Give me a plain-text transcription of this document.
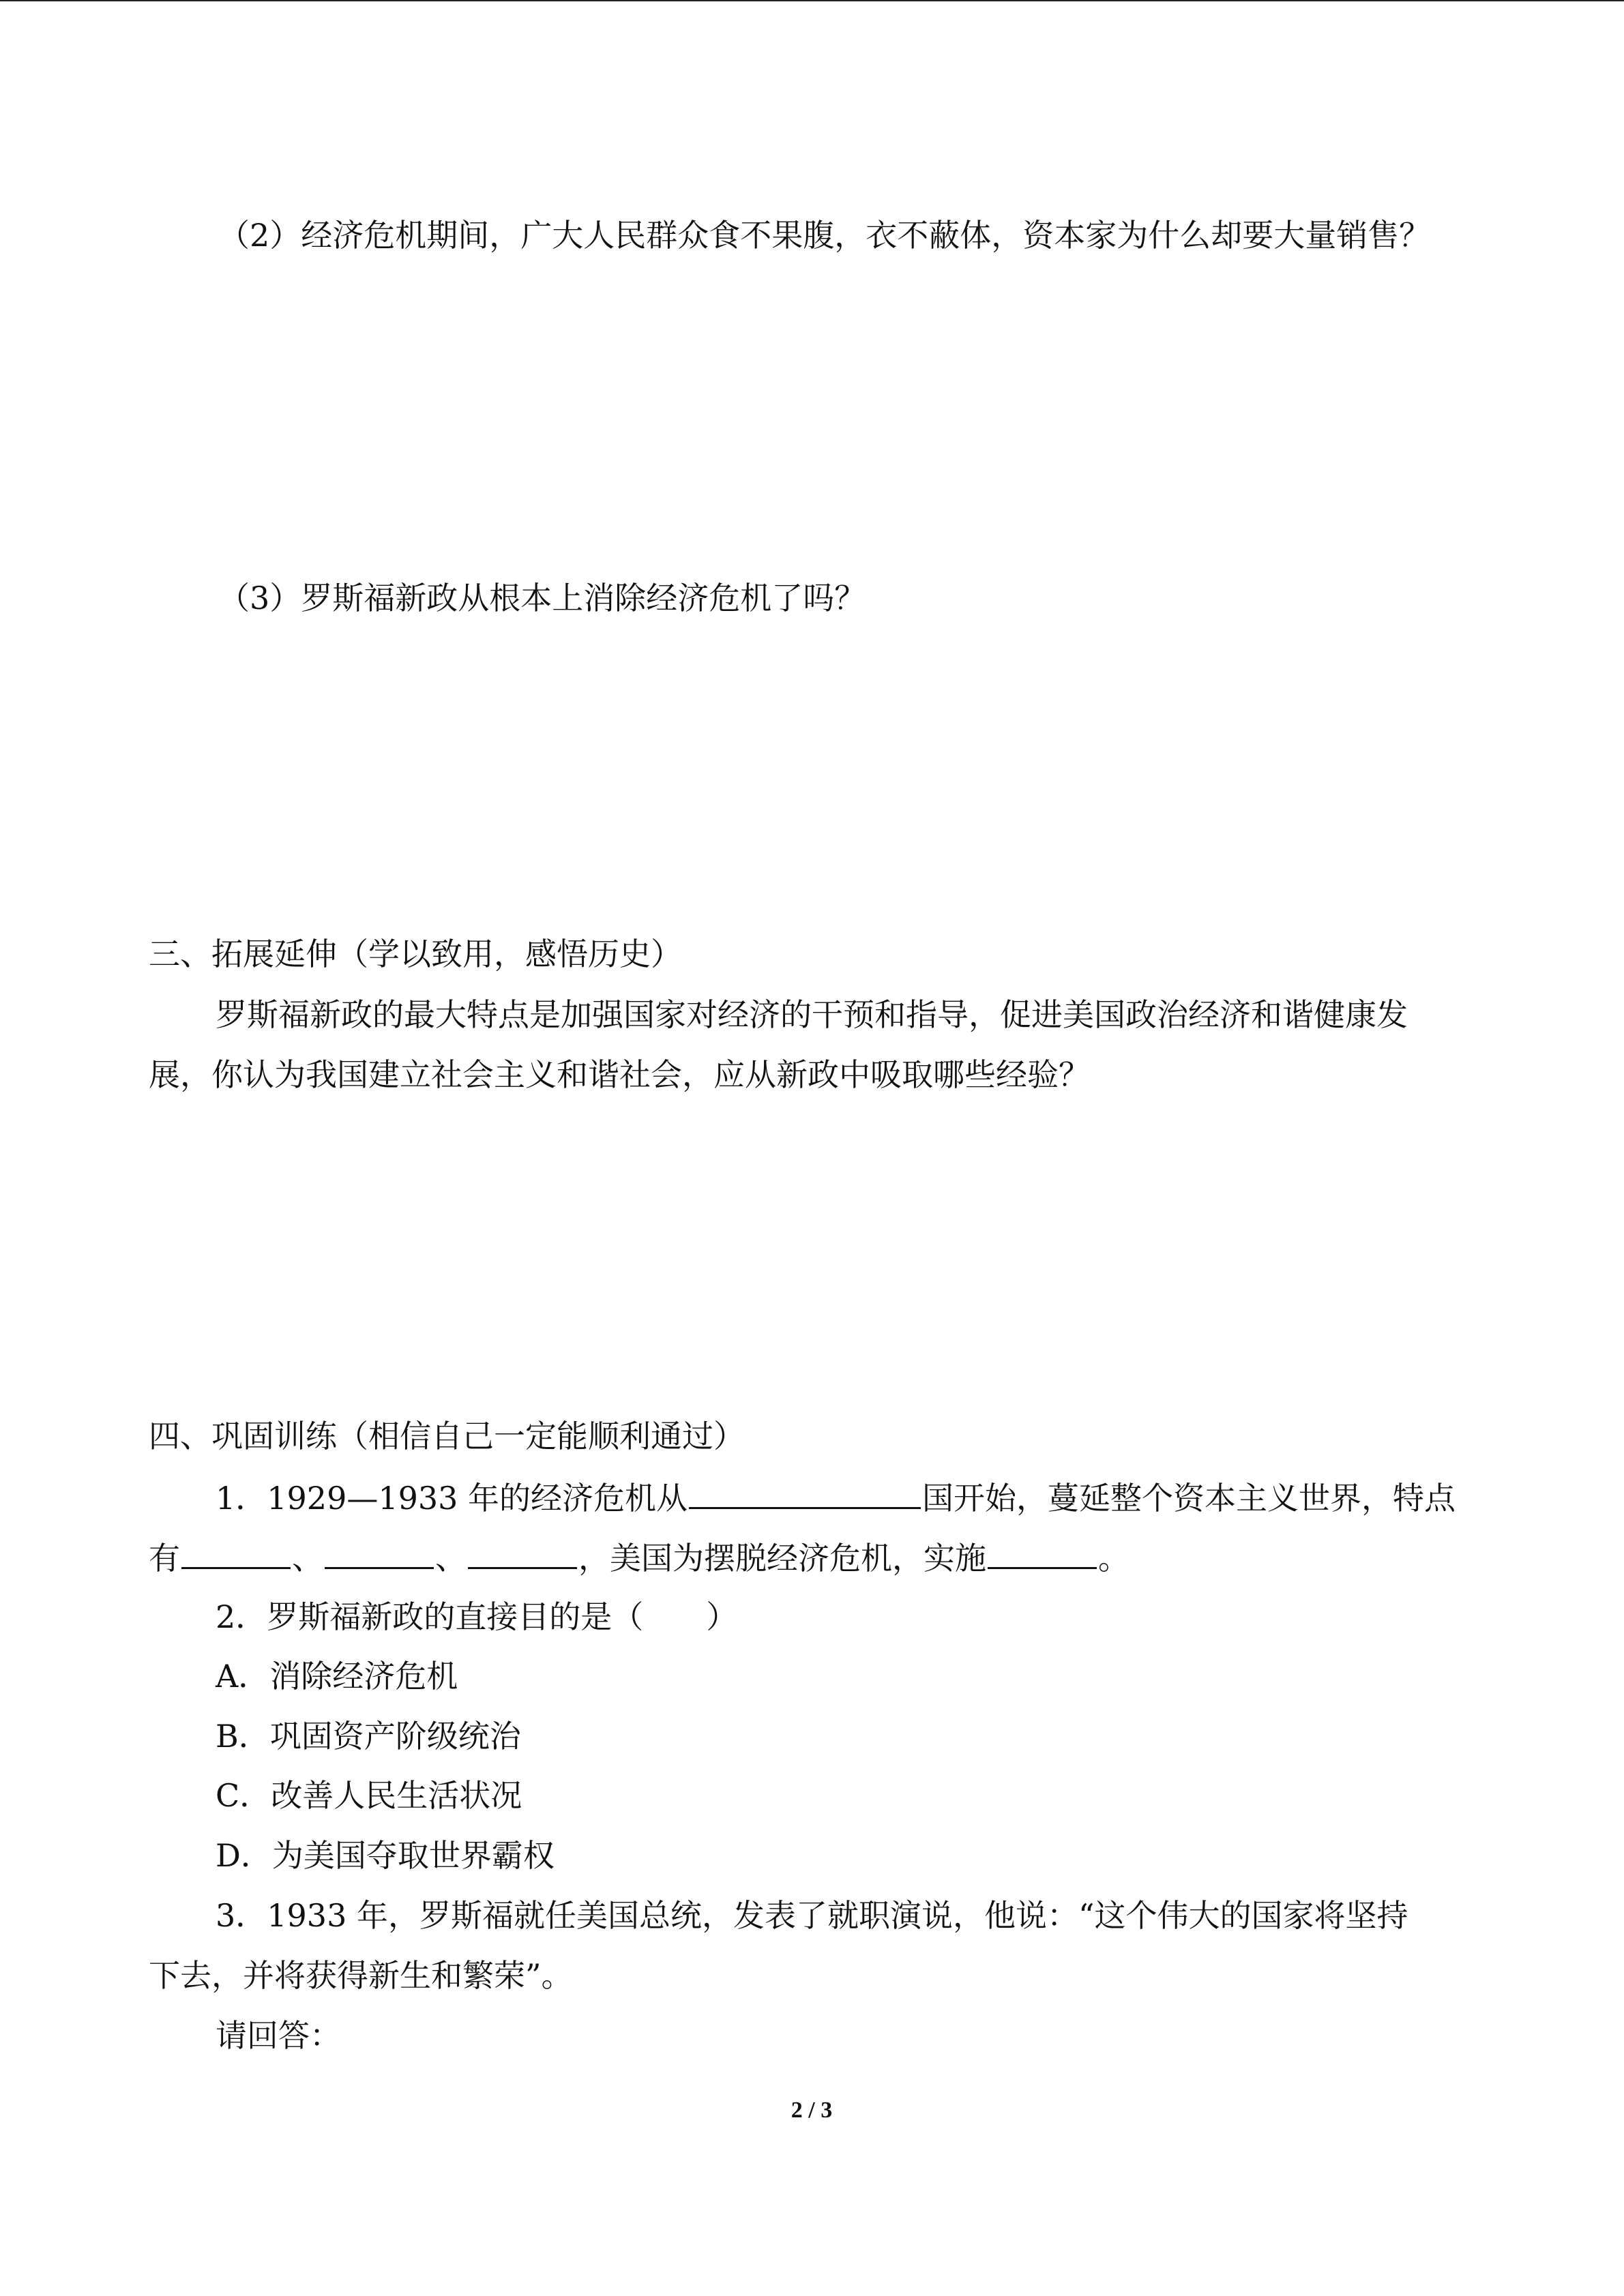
（2）经济危机期间，广大人民群众食不果腹，衣不蔽体，资本家为什么却要大量销售？
（3）罗斯福新政从根本上消除经济危机了吗？
三、拓展延伸（学以致用，感悟历史）
罗斯福新政的最大特点是加强国家对经济的干预和指导，促进美国政治经济和谐健康发
展，你认为我国建立社会主义和谐社会，应从新政中吸取哪些经验？
四、巩固训练（相信自己一定能顺利通过）
1．1929—1933 年的经济危机从	国开始，蔓延整个资本主义世界，特点
有	、	、	，美国为摆脱经济危机，实施	。
2．罗斯福新政的直接目的是（　　）
A．消除经济危机
B．巩固资产阶级统治
C．改善人民生活状况
D．为美国夺取世界霸权
3．1933 年，罗斯福就任美国总统，发表了就职演说，他说：“这个伟大的国家将坚持
下去，并将获得新生和繁荣”。
请回答：
2 / 3
